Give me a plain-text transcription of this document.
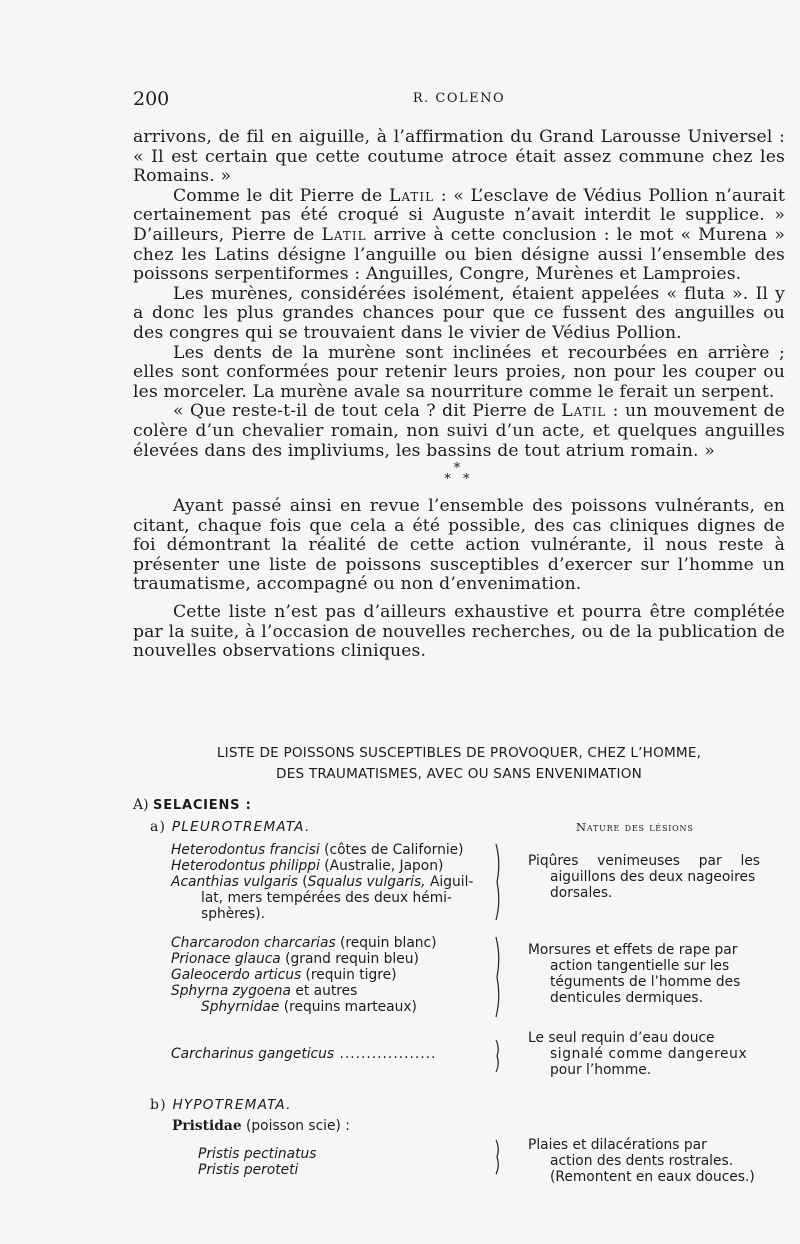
200	R. COLENO

arrivons, de fil en aiguille, à l’affirmation du Grand Larousse Universel : « Il est certain que cette coutume atroce était assez commune chez les Romains. »

Comme le dit Pierre de Latil : « L’esclave de Védius Pollion n’aurait certainement pas été croqué si Auguste n’avait interdit le supplice. » D’ailleurs, Pierre de Latil arrive à cette conclusion : le mot « Murena » chez les Latins désigne l’anguille ou bien désigne aussi l’ensemble des poissons serpentiformes : Anguilles, Congre, Murènes et Lamproies.

Les murènes, considérées isolément, étaient appelées « fluta ». Il y a donc les plus grandes chances pour que ce fussent des anguilles ou des congres qui se trouvaient dans le vivier de Védius Pollion.

Les dents de la murène sont inclinées et recourbées en arrière ; elles sont conformées pour retenir leurs proies, non pour les couper ou les morceler. La murène avale sa nourriture comme le ferait un serpent.

« Que reste-t-il de tout cela ? dit Pierre de Latil : un mouvement de colère d’un chevalier romain, non suivi d’un acte, et quelques anguilles élevées dans des impliviums, les bassins de tout atrium romain. »

*
* *

Ayant passé ainsi en revue l’ensemble des poissons vulnérants, en citant, chaque fois que cela a été possible, des cas cliniques dignes de foi démontrant la réalité de cette action vulnérante, il nous reste à présenter une liste de poissons susceptibles d’exercer sur l’homme un traumatisme, accompagné ou non d’envenimation.

Cette liste n’est pas d’ailleurs exhaustive et pourra être complétée par la suite, à l’occasion de nouvelles recherches, ou de la publication de nouvelles observations cliniques.

LISTE DE POISSONS SUSCEPTIBLES DE PROVOQUER, CHEZ L’HOMME,
DES TRAUMATISMES, AVEC OU SANS ENVENIMATION
A) SELACIENS :
a) PLEUROTREMATA.	Nature des lésions
Heterodontus francisi (côtes de Californie)
Heterodontus philippi (Australie, Japon)
Acanthias vulgaris (Squalus vulgaris, Aiguil-
lat, mers tempérées des deux hémi-
sphères).
Piqûres venimeuses par les
aiguillons des deux nageoires
dorsales.
Charcarodon charcarias (requin blanc)
Prionace glauca (grand requin bleu)
Galeocerdo articus (requin tigre)
Sphyrna zygoena et autres
Sphyrnidae (requins marteaux)
Morsures et effets de rape par
action tangentielle sur les
téguments de l’homme des
denticules dermiques.
Carcharinus gangeticus ..................
Le seul requin d’eau douce
signalé comme dangereux
pour l’homme.
b) HYPOTREMATA.
Pristidae (poisson scie) :
Pristis pectinatus
Pristis peroteti
Plaies et dilacérations par
action des dents rostrales.
(Remontent en eaux douces.)
